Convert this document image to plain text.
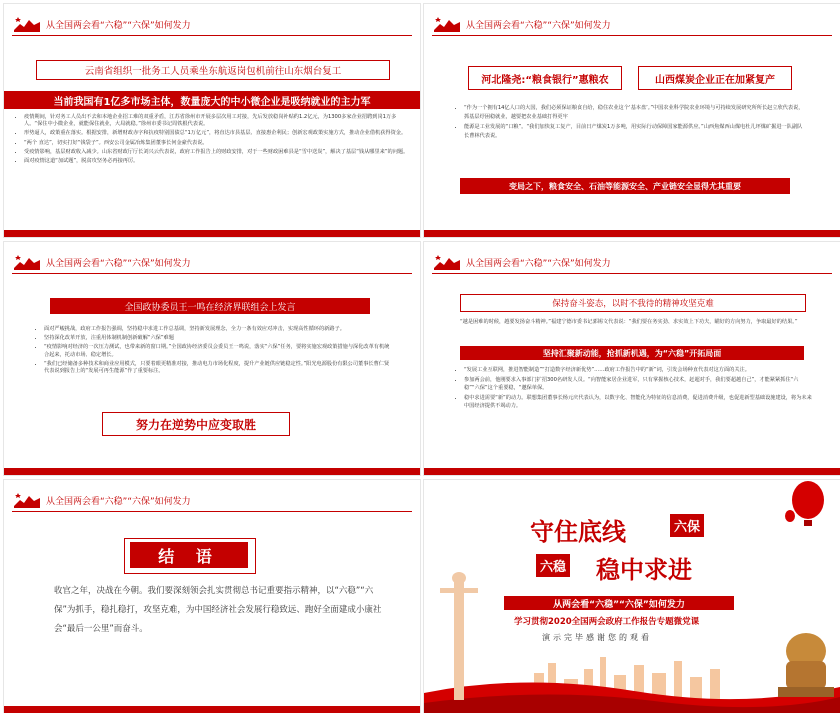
从全国两会看“六稳”“六保”如何发力
云南省组织一批务工人员乘坐东航返岗包机前往山东烟台复工
当前我国有1亿多市场主体，数量庞大的中小微企业是吸纳就业的主力军
• 疫情期间，针对务工人员出不去和本地企业招工难的双重矛盾，江苏省徐州市开展多层次用工对接，先后发放稳岗补贴约1.2亿元，为1300多家企业招聘到岗1万多人。“保住中小微企业，就能保住就业，大局就稳。”徐州市委书记周铁根代表说。
• 形势逼人，政策重在落实。根据安排，新增财政赤字和抗疫特别国债总“1万亿元”，将直达市县基层、直接惠企利民；创新宏观政策实施方式，推动企业借机获得资金。
• “两个 直达”，切实打好“钱袋子”。西安公司金属冶炼集团董事长何金豪代表说。
• 受疫情影响，基层财政收入减少。山东省财政厅厅长刘兴云代表说，政府工作报告上的财政安排，对于一些财政困难县是“雪中送炭”，解决了基层“钱从哪里来”的问题。
• 面对疫情这道“加试题”，脱贫攻坚务必再接再厉。
从全国两会看“六稳”“六保”如何发力
河北隆尧:“粮食银行”惠粮农	山西煤炭企业正在加紧复产
• “作为一个拥有14亿人口的大国，我们必须保证粮食自给，稳住农业这个‘基本盘’。”中国农业科学院农业环境与可持续发展研究所所长赵立欣代表说，抓基层纾困稳就业，越要把农业基础打得更牢
• 能源是工业发展的“口粮”。“我们加快复工复产，目前日产煤炭1万多吨，用实际行动保障国家能源供应。”山西焦煤西山煤电杜儿坪煤矿掘进一队副队长曹林代表说。
变局之下，粮食安全、石油等能源安全、产业链安全显得尤其重要
从全国两会看“六稳”“六保”如何发力
全国政协委员王一鸣在经济界联组会上发言
• 面对严峻挑战，政府工作报告强调，坚持稳中求进工作总基调，坚持新发展理念，全力一条有效应对冲击，实现高性循环的新路子。
• 坚持深化改革开放，注重用体制机制创新破解“六保”难题
• “疫情影响对经济的一次压力测试，也带来新的窗口期。”全国政协经济委员会委员王一鸣说，落实“六保”任务，要将实施宏观政策措施与深化改革有机统合起来，托动市场、稳定增长。
• “我们已经储备多种技术和商业应用模式，只要着眼更精准对接，推动电力市场化程度，提升产业链供应链稳定性。”阳光电源股份有限公司董事长曹仁贤代表说到报告上的“发展可再生能源”作了重要标注。
努力在逆势中应变取胜
从全国两会看“六稳”“六保”如何发力
保持奋斗姿态，以时不我待的精神攻坚克难
“越是困难的时候，越要发扬奋斗精神。”福建宁德市委书记郭锡文代表说：“我们要在务实劲、求实效上下功夫，瞄好的方向努力，争取最好的结果。”
坚持汇聚新动能，抢抓新机遇，为“六稳”开拓局面
• “发展工业互联网，推进智能制造”“打造数字经济新优势”……政府工作报告中的“新”词，引发会场种直代表对这方面的关注。
• 参加两会前，他刚要求入事部门扩招300名研发人员。“向智能家居企业进军，只有掌握核心技术，赶超对手，我们要超越自己”，才能紧紧抓住“六稳”“六保”这个重要稳，“邀保单保。
• 稳中求进需要“新”的动力。联想集团董事长杨元庆代表认为，以数字化、智能化为特征的信息消费，促进消费升级，也促进新型基础设施建设，将为未来中国经济提供不竭动力。
从全国两会看“六稳”“六保”如何发力
结 语
收官之年，决战在今朝。我们要深刻领会扎实贯彻总书记重要指示精神，以“六稳”“六保”为抓手，稳扎稳打，攻坚克难，为中国经济社会发展行稳致远、跑好全面建成小康社会“最后一公里”而奋斗。
守住底线	六保
六稳 稳中求进
从两会看“六稳”“六保”如何发力
学习贯彻2020全国两会政府工作报告专题微党课
演示完毕感谢您的观看
